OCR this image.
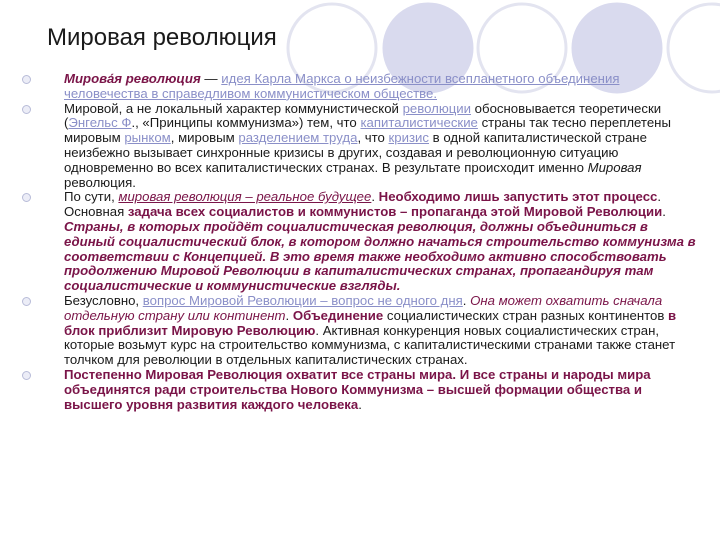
Мировая революция
Мирова́я революция — идея Карла Маркса о неизбежности всепланетного объединения человечества в справедливом коммунистическом обществе.
Мировой, а не локальный характер коммунистической революции обосновывается теоретически (Энгельс Ф., «Принципы коммунизма») тем, что капиталистические страны так тесно переплетены мировым рынком, мировым разделением труда, что кризис в одной капиталистической стране неизбежно вызывает синхронные кризисы в других, создавая и революционную ситуацию одновременно во всех капиталистических странах. В результате происходит именно Мировая революция.
По сути, мировая революция – реальное будущее. Необходимо лишь запустить этот процесс. Основная задача всех социалистов и коммунистов – пропаганда этой Мировой Революции. Страны, в которых пройдёт социалистическая революция, должны объединиться в единый социалистический блок, в котором должно начаться строительство коммунизма в соответствии с Концепцией. В это время также необходимо активно способствовать продолжению Мировой Революции в капиталистических странах, пропагандируя там социалистические и коммунистические взгляды.
Безусловно, вопрос Мировой Революции – вопрос не одного дня. Она может охватить сначала отдельную страну или континент. Объединение социалистических стран разных континентов в блок приблизит Мировую Революцию. Активная конкуренция новых социалистических стран, которые возьмут курс на строительство коммунизма, с капиталистическими странами также станет толчком для революции в отдельных капиталистических странах.
Постепенно Мировая Революция охватит все страны мира. И все страны и народы мира объединятся ради строительства Нового Коммунизма – высшей формации общества и высшего уровня развития каждого человека.
